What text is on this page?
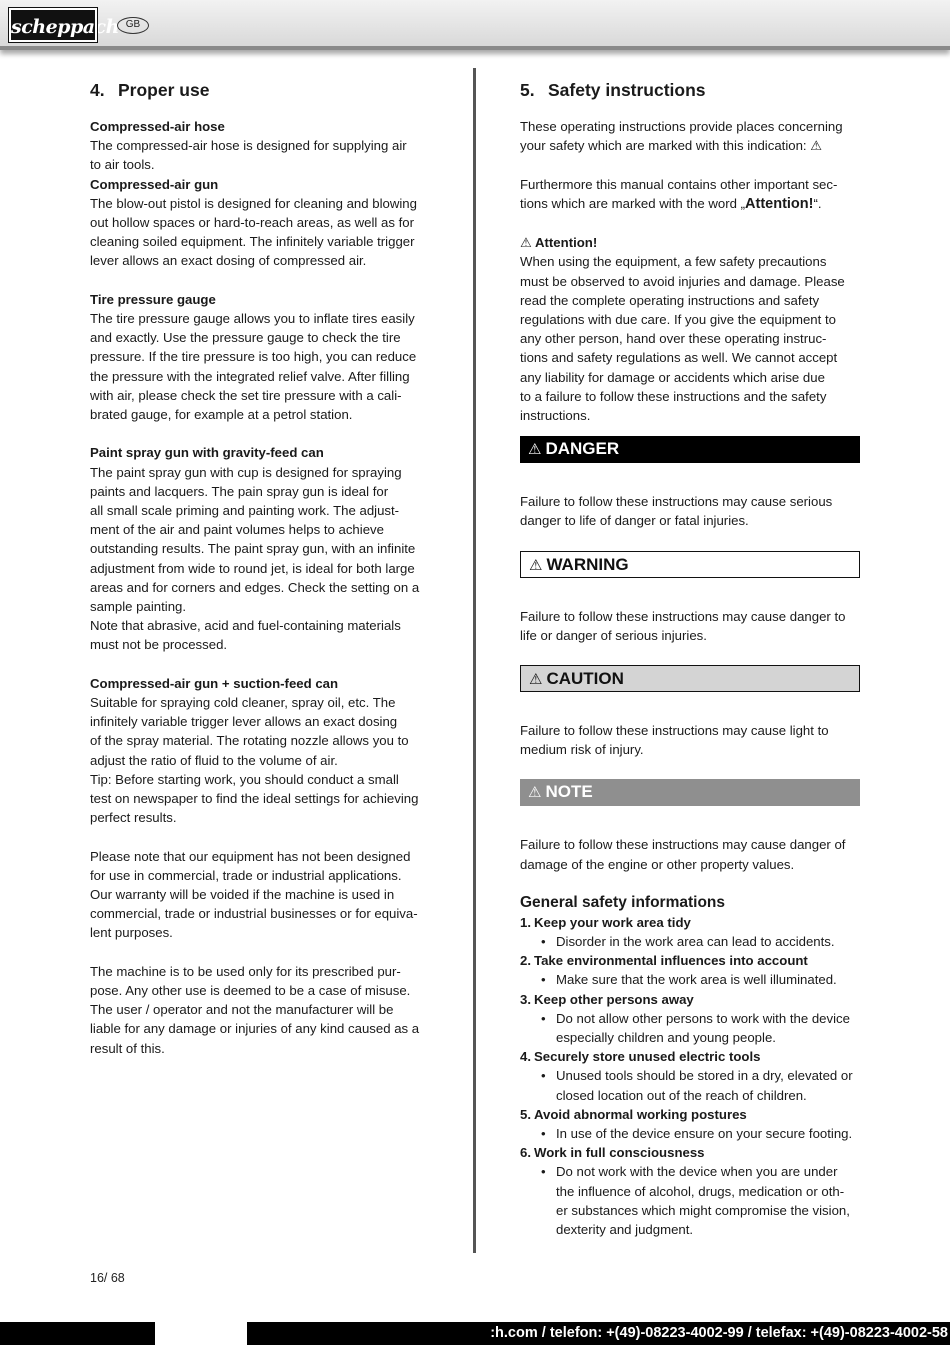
scheppach GB
4. Proper use
Compressed-air hose

The compressed-air hose is designed for supplying air

to air tools.

Compressed-air gun

The blow-out pistol is designed for cleaning and blowing

out hollow spaces or hard-to-reach areas, as well as for

cleaning soiled equipment. The infinitely variable trigger

lever allows an exact dosing of compressed air.

Tire pressure gauge

The tire pressure gauge allows you to inflate tires easily

and exactly. Use the pressure gauge to check the tire

pressure. If the tire pressure is too high, you can reduce

the pressure with the integrated relief valve. After filling

with air, please check the set tire pressure with a cali-

brated gauge, for example at a petrol station.

Paint spray gun with gravity-feed can

The paint spray gun with cup is designed for spraying

paints and lacquers. The pain spray gun is ideal for

all small scale priming and painting work. The adjust-

ment of the air and paint volumes helps to achieve

outstanding results. The paint spray gun, with an infinite

adjustment from wide to round jet, is ideal for both large

areas and for corners and edges. Check the setting on a

sample painting.

Note that abrasive, acid and fuel-containing materials

must not be processed.

Compressed-air gun + suction-feed can

Suitable for spraying cold cleaner, spray oil, etc. The

infinitely variable trigger lever allows an exact dosing

of the spray material. The rotating nozzle allows you to

adjust the ratio of fluid to the volume of air.

Tip: Before starting work, you should conduct a small

test on newspaper to find the ideal settings for achieving

perfect results.

Please note that our equipment has not been designed

for use in commercial, trade or industrial applications.

Our warranty will be voided if the machine is used in

commercial, trade or industrial businesses or for equiva-

lent purposes.

The machine is to be used only for its prescribed pur-

pose. Any other use is deemed to be a case of misuse.

The user / operator and not the manufacturer will be

liable for any damage or injuries of any kind caused as a

result of this.

5. Safety instructions

These operating instructions provide places concerning

your safety which are marked with this indication: ⚠

Furthermore this manual contains other important sec-

tions which are marked with the word „Attention!“.

⚠ Attention!

When using the equipment, a few safety precautions

must be observed to avoid injuries and damage. Please

read the complete operating instructions and safety

regulations with due care. If you give the equipment to

any other person, hand over these operating instruc-

tions and safety regulations as well. We cannot accept

any liability for damage or accidents which arise due

to a failure to follow these instructions and the safety

instructions.

⚠ DANGER

Failure to follow these instructions may cause serious

danger to life of danger or fatal injuries.

⚠ WARNING

Failure to follow these instructions may cause danger to

life or danger of serious injuries.

⚠ CAUTION

Failure to follow these instructions may cause light to

medium risk of injury.

⚠ NOTE

Failure to follow these instructions may cause danger of

damage of the engine or other property values.

General safety informations

1. Keep your work area tidy

• Disorder in the work area can lead to accidents.

2. Take environmental influences into account

• Make sure that the work area is well illuminated.

3. Keep other persons away

• Do not allow other persons to work with the device

especially children and young people.

4. Securely store unused electric tools

• Unused tools should be stored in a dry, elevated or

closed location out of the reach of children.

5. Avoid abnormal working postures

• In use of the device ensure on your secure footing.

6. Work in full consciousness

• Do not work with the device when you are under

the influence of alcohol, drugs, medication or oth-

er substances which might compromise the vision,

dexterity and judgment.

16/ 68
:h.com / telefon: +(49)-08223-4002-99 / telefax: +(49)-08223-4002-58
